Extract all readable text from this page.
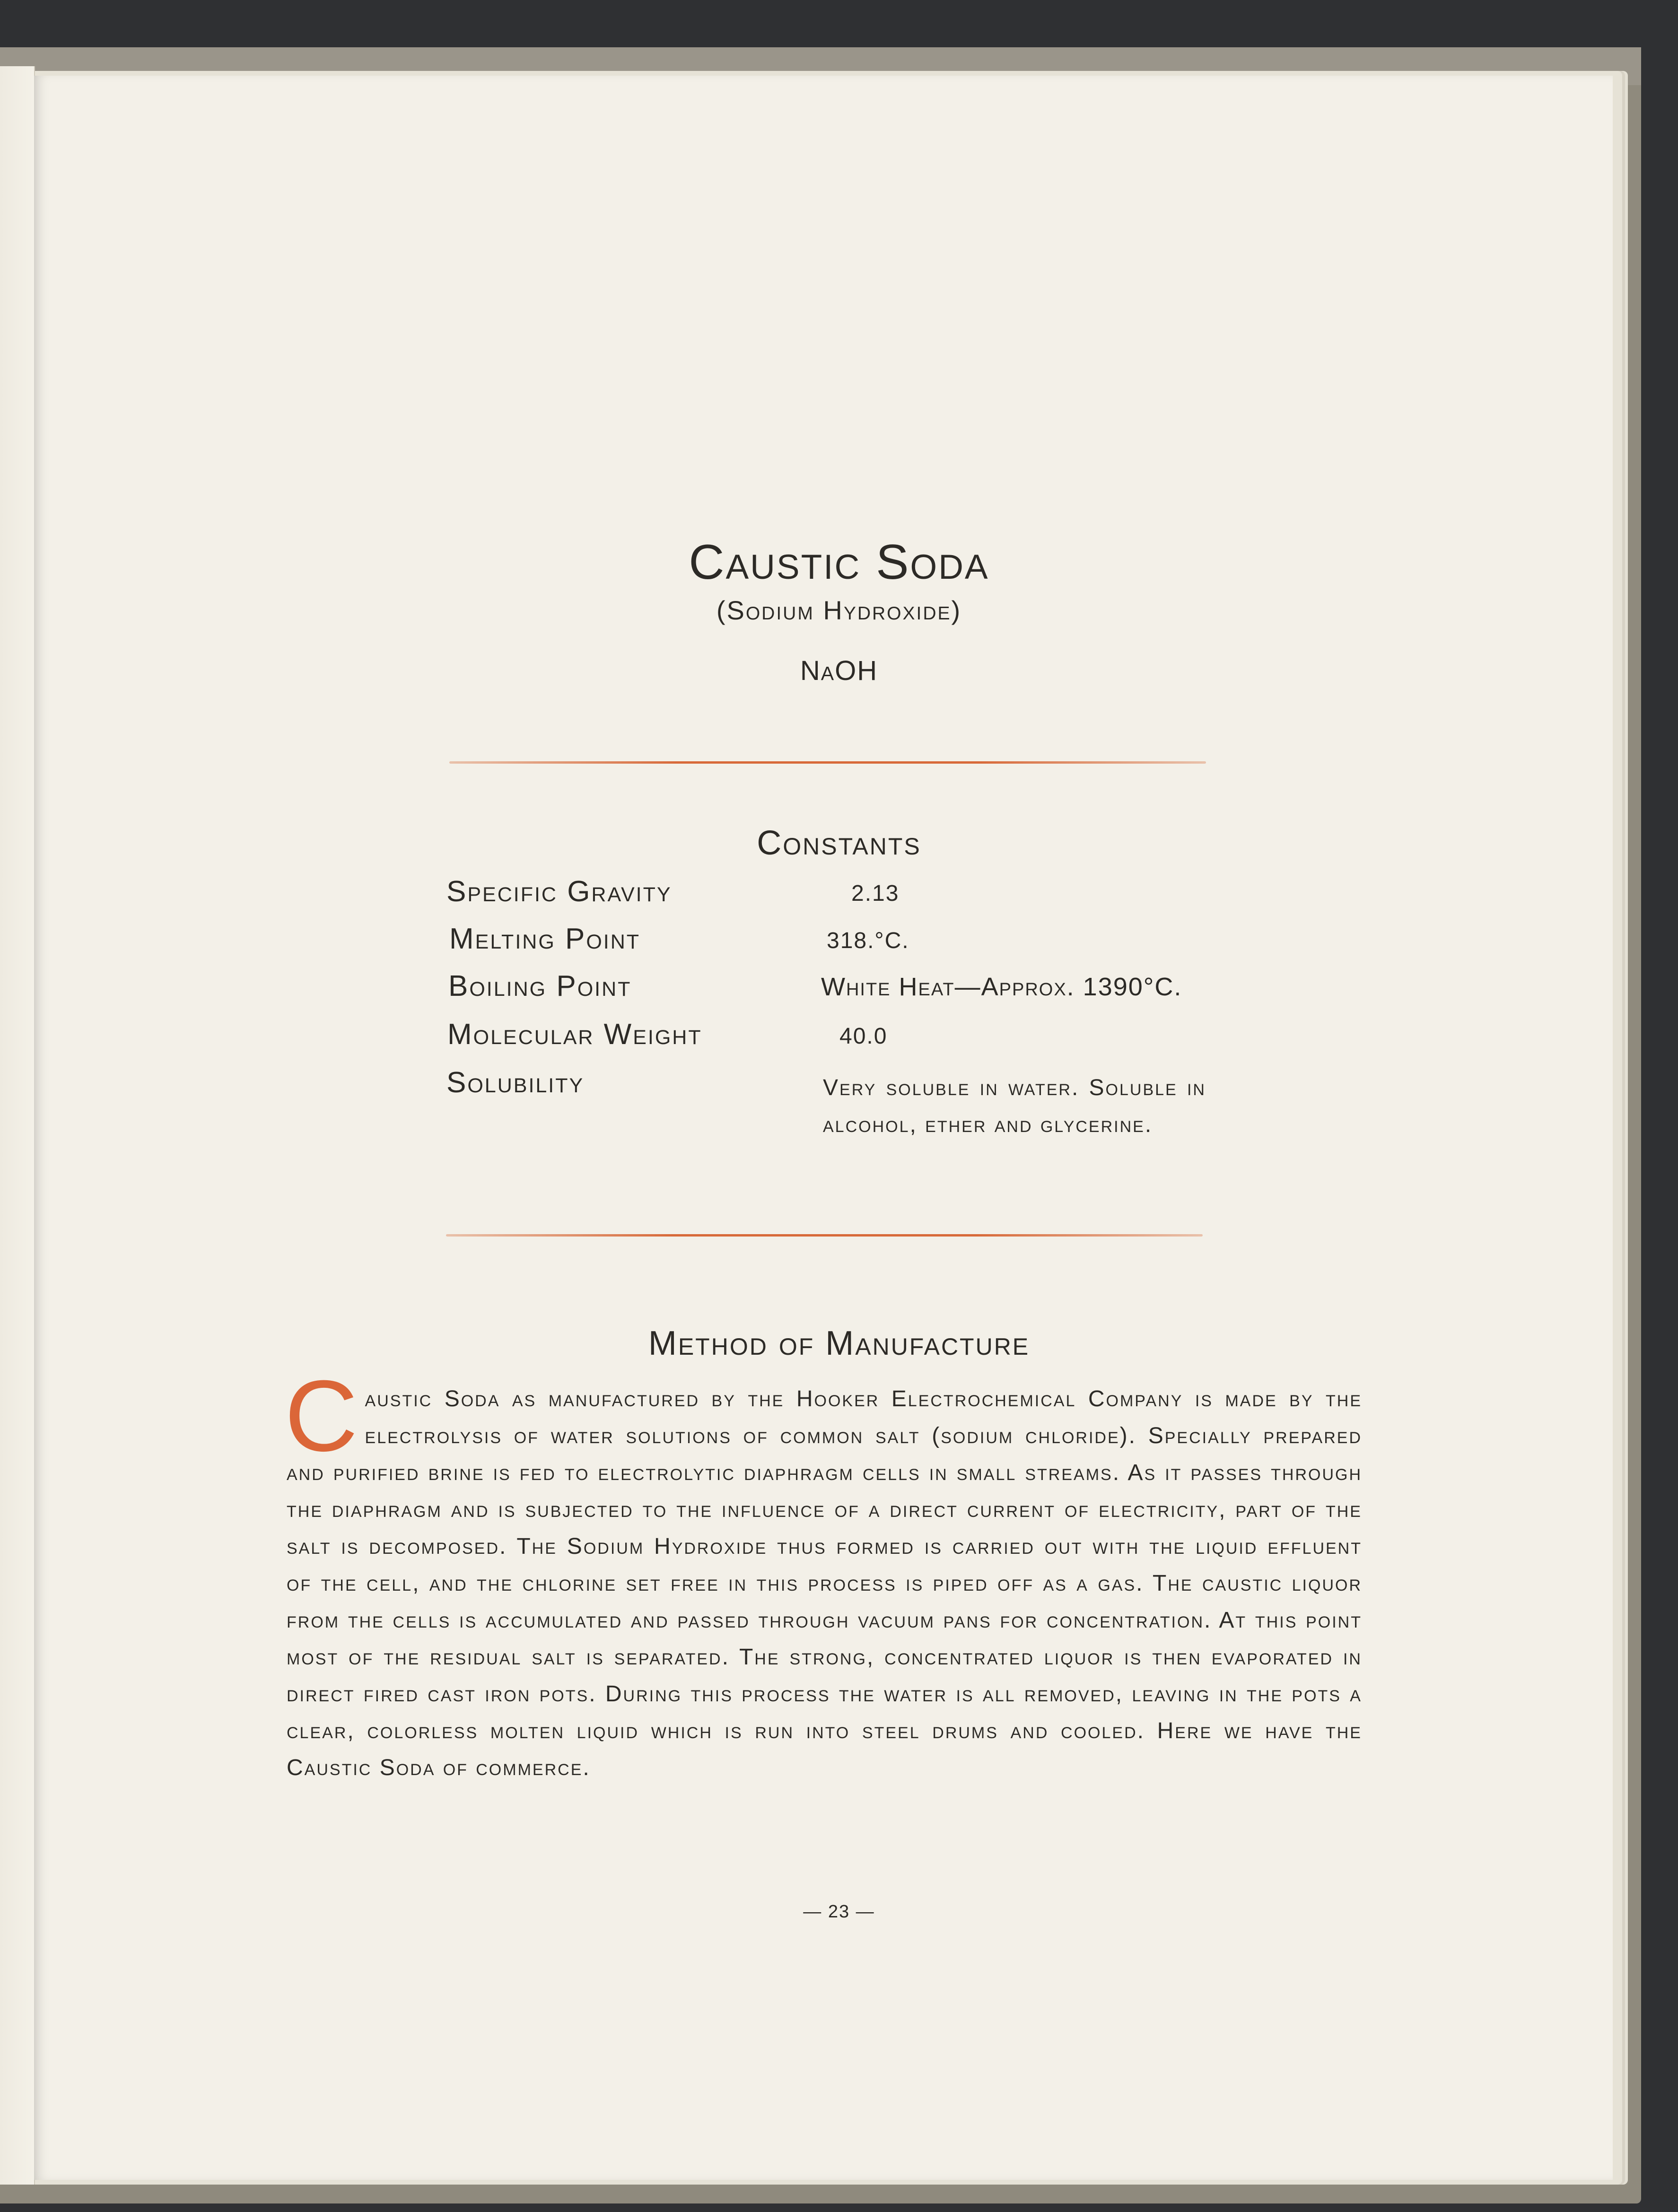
Caustic Soda
(Sodium Hydroxide)
NaOH
Constants
Specific Gravity	2.13
Melting Point	318.°C.
Boiling Point	White Heat—Approx. 1390°C.
Molecular Weight	40.0
Solubility	Very soluble in water. Soluble in alcohol, ether and glycerine.
Method of Manufacture
Caustic Soda as manufactured by the Hooker Electrochemical Company is made by the electrolysis of water solutions of common salt (sodium chloride). Specially prepared and purified brine is fed to electrolytic diaphragm cells in small streams. As it passes through the diaphragm and is subjected to the influence of a direct current of electricity, part of the salt is decomposed. The Sodium Hydroxide thus formed is carried out with the liquid effluent of the cell, and the chlorine set free in this process is piped off as a gas. The caustic liquor from the cells is accumulated and passed through vacuum pans for concentration. At this point most of the residual salt is separated. The strong, concentrated liquor is then evaporated in direct fired cast iron pots. During this process the water is all removed, leaving in the pots a clear, colorless molten liquid which is run into steel drums and cooled. Here we have the Caustic Soda of commerce.
— 23 —
